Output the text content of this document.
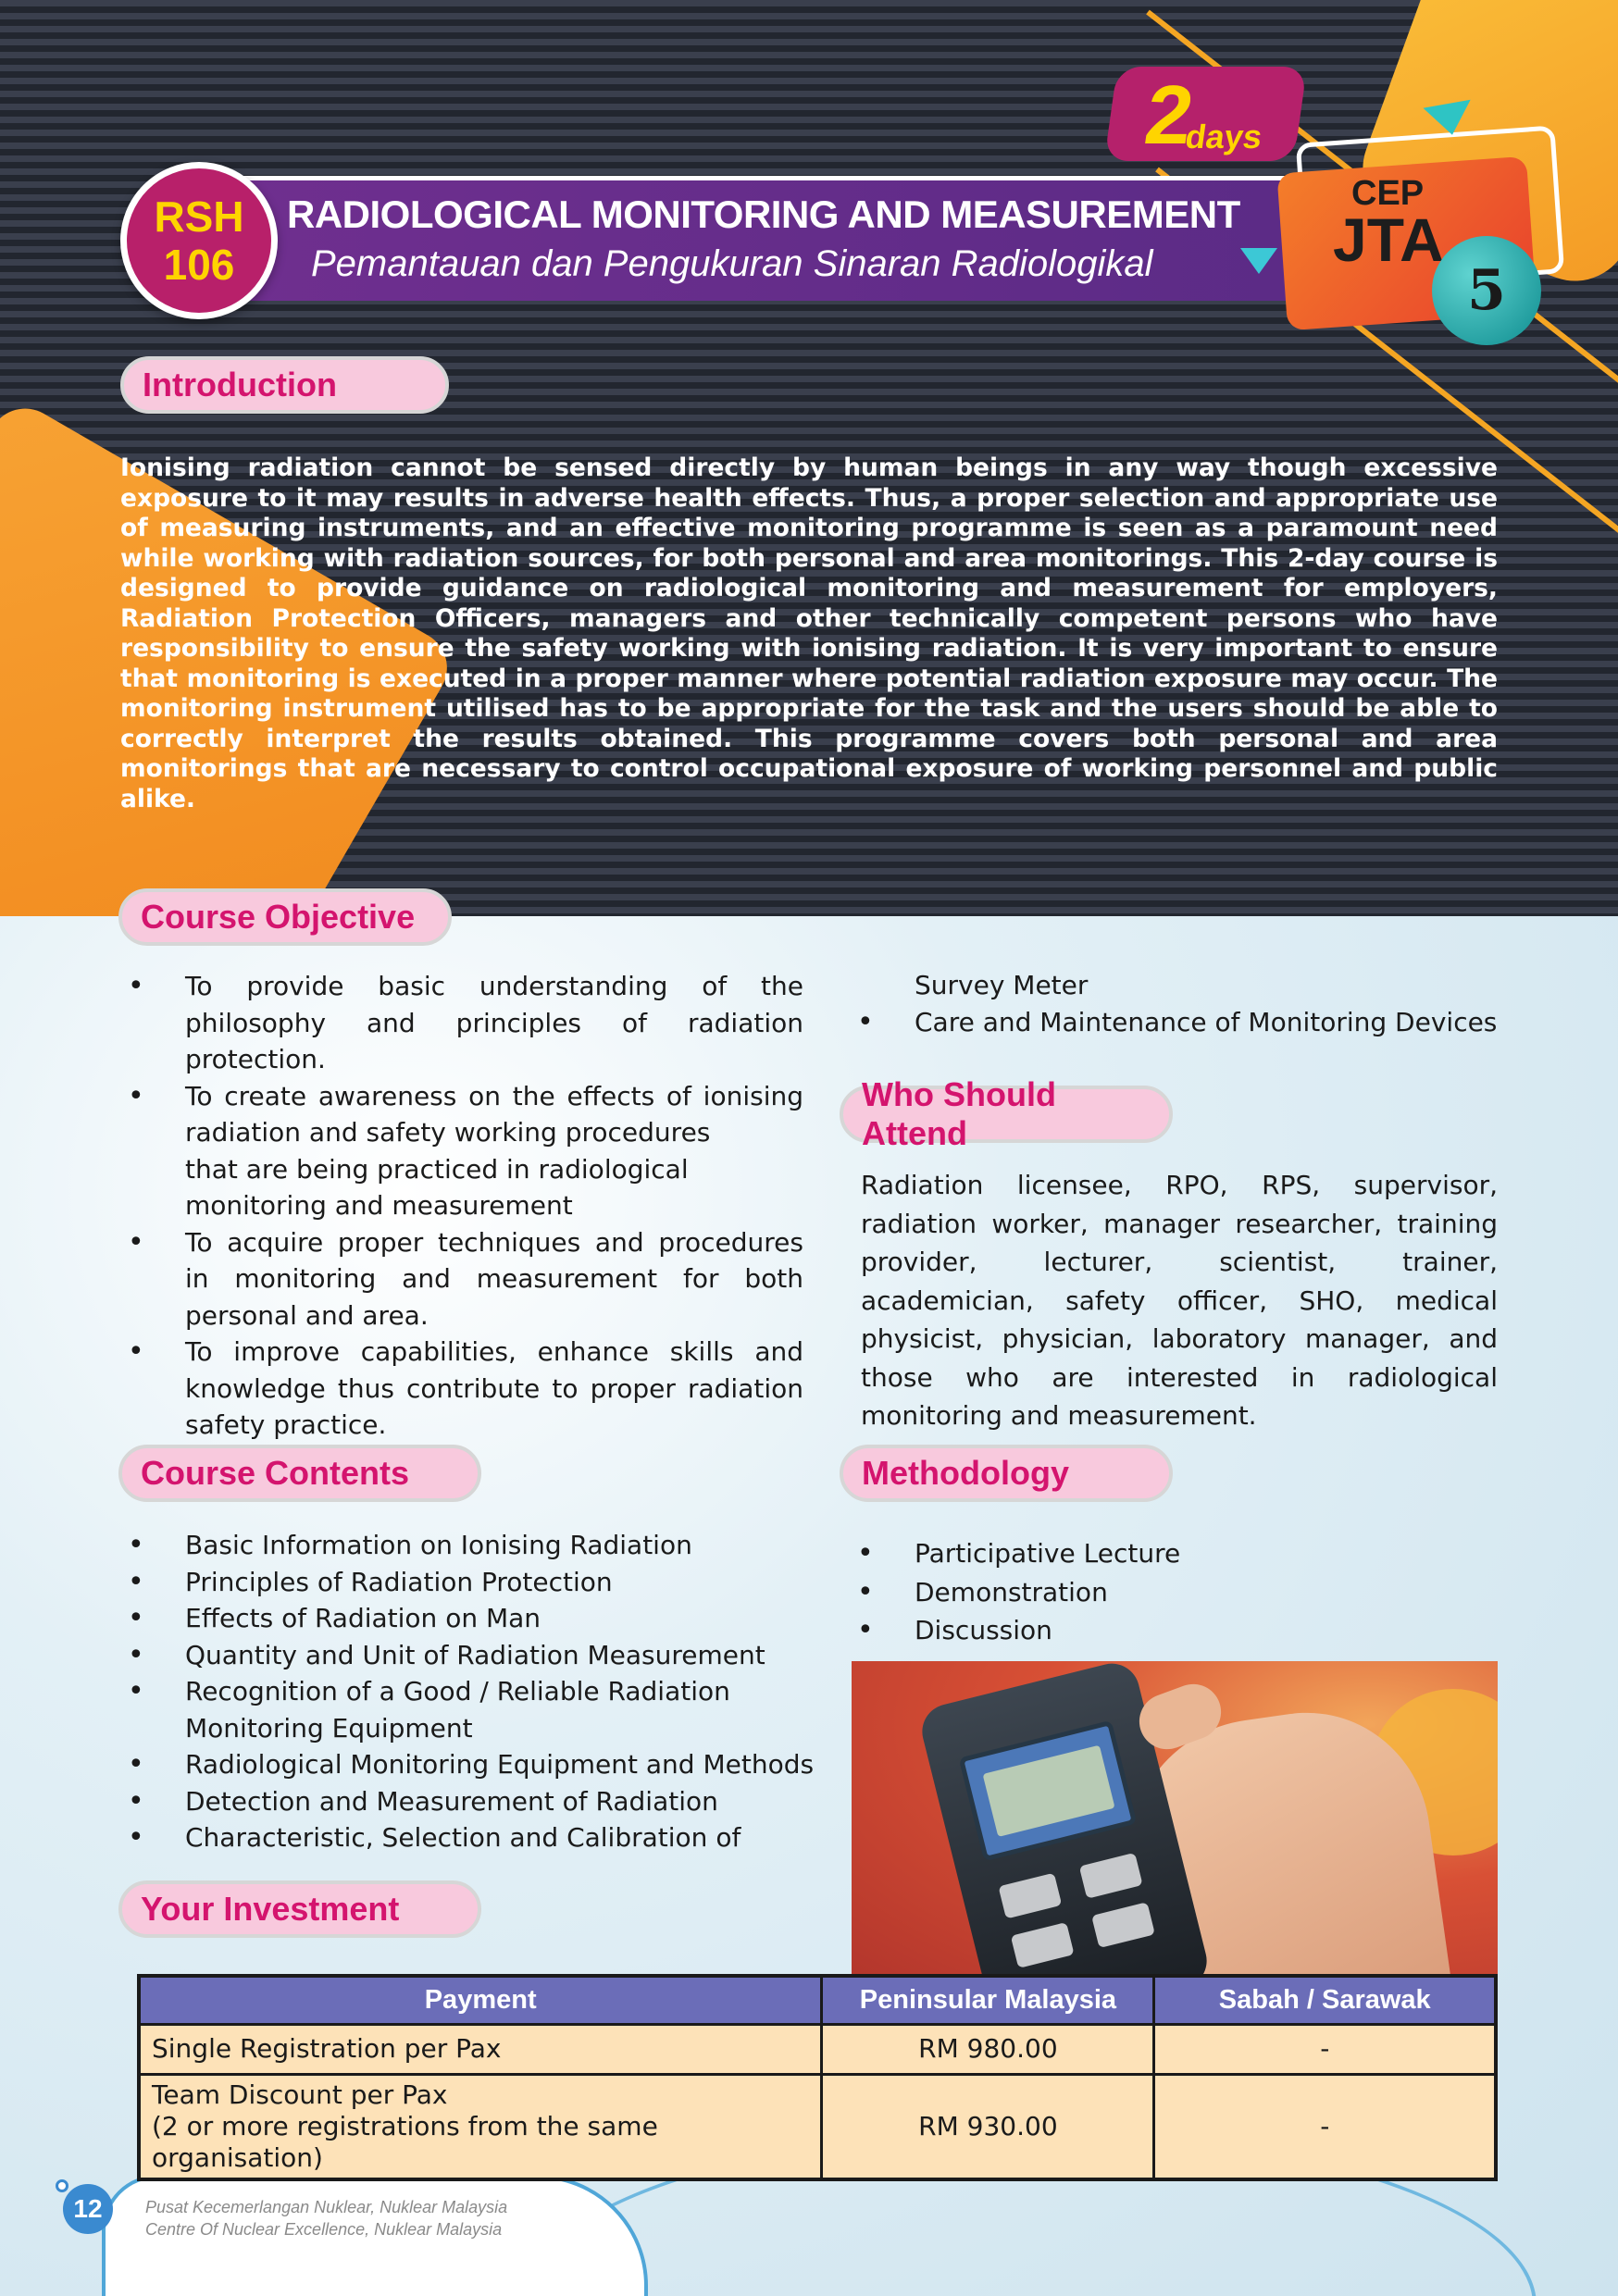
RSH
106
RADIOLOGICAL MONITORING AND MEASUREMENT
Pemantauan dan Pengukuran Sinaran Radiologikal
2
days
CEP
JTA
5
Introduction

Ionising radiation cannot be sensed directly by human beings in any way though excessive exposure to it may results in adverse health effects. Thus, a proper selection and appropriate use of measuring instruments, and an effective monitoring programme is seen as a paramount need while working with radiation sources, for both personal and area monitorings. This 2-day course is designed to provide guidance on radiological monitoring and measurement for employers, Radiation Protection Officers, managers and other technically competent persons who have responsibility to ensure the safety working with ionising radiation. It is very important to ensure that monitoring is executed in a proper manner where potential radiation exposure may occur. The monitoring instrument utilised has to be appropriate for the task and the users should be able to correctly interpret the results obtained. This programme covers both personal and area monitorings that are necessary to control occupational exposure of working personnel and public alike.

Course Objective
• To provide basic understanding of the philosophy and principles of radiation protection.
• To create awareness on the effects of ionising radiation and safety working procedures
that are being practiced in radiological monitoring and measurement
• To acquire proper techniques and procedures in monitoring and measurement for both personal and area.
• To improve capabilities, enhance skills and knowledge thus contribute to proper radiation safety practice.
Survey Meter
• Care and Maintenance of Monitoring Devices
Who Should Attend

Radiation licensee, RPO, RPS, supervisor, radiation worker, manager researcher, training provider, lecturer, scientist, trainer, academician, safety officer, SHO, medical physicist, physician, laboratory manager, and those who are interested in radiological monitoring and measurement.

Course Contents
• Basic Information on Ionising Radiation
• Principles of Radiation Protection
• Effects of Radiation on Man
• Quantity and Unit of Radiation Measurement
• Recognition of a Good / Reliable Radiation Monitoring Equipment
• Radiological Monitoring Equipment and Methods
• Detection and Measurement of Radiation
• Characteristic, Selection and Calibration of
Methodology
• Participative Lecture
• Demonstration
• Discussion
Your Investment
Payment	Peninsular Malaysia	Sabah / Sarawak
Single Registration per Pax	RM 980.00	-

Team Discount per Pax
(2 or more registrations from the same organisation)	RM 930.00	-
12	Pusat Kecemerlangan Nuklear, Nuklear Malaysia
Centre Of Nuclear Excellence, Nuklear Malaysia
